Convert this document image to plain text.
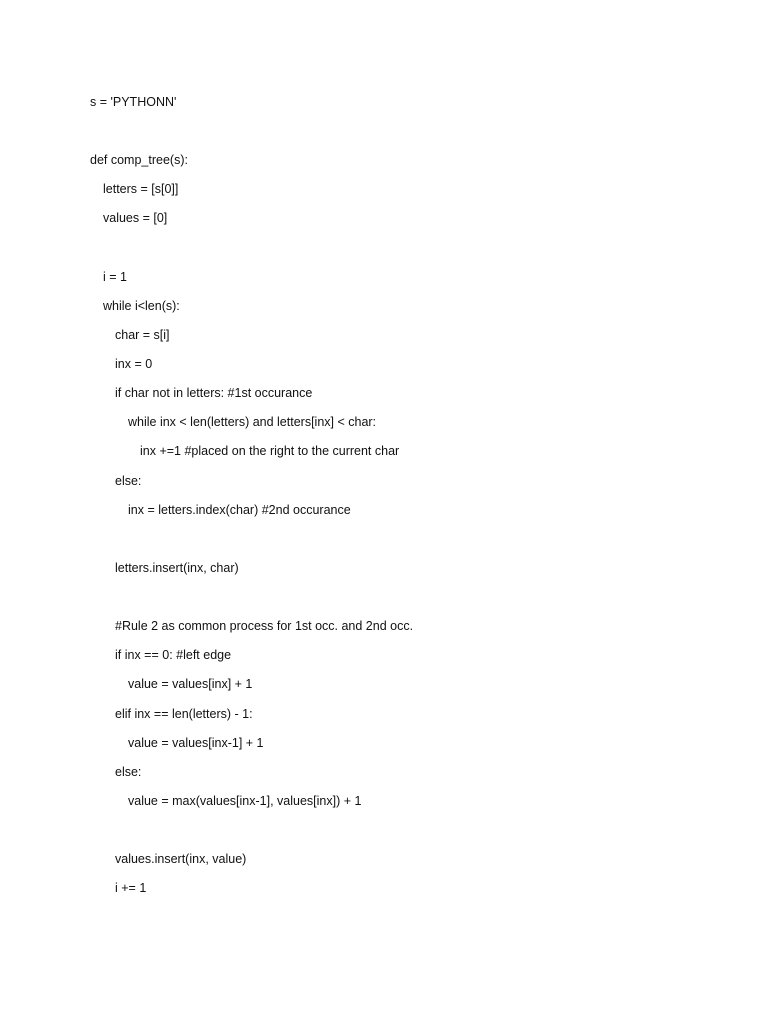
s = 'PYTHONN'
def comp_tree(s):
letters = [s[0]]
values = [0]
i = 1
while i<len(s):
char = s[i]
inx = 0
if char not in letters: #1st occurance
while inx < len(letters) and letters[inx] < char:
inx +=1 #placed on the right to the current char
else:
inx = letters.index(char) #2nd occurance
letters.insert(inx, char)
#Rule 2 as common process for 1st occ. and 2nd occ.
if inx == 0: #left edge
value = values[inx] + 1
elif inx == len(letters) - 1:
value = values[inx-1] + 1
else:
value = max(values[inx-1], values[inx]) + 1
values.insert(inx, value)
i += 1
